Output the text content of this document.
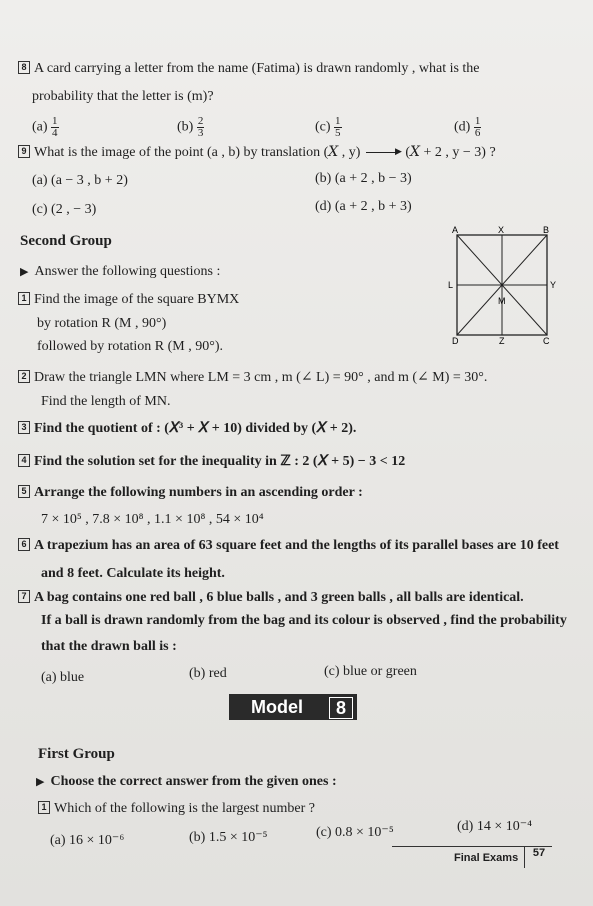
8 A card carrying a letter from the name (Fatima) is drawn randomly , what is the
probability that the letter is (m)?
$(a) \frac{1}{4}$	$(b) \frac{2}{3}$	$(c) \frac{1}{5}$	$(d) \frac{1}{6}$
9 What is the image of the point (a , b) by translation (𝑋 , y)	▶ (𝑋 + 2 , y − 3) ?
(a) (a − 3 , b + 2)	(b) (a + 2 , b − 3)
(c) (2 , − 3)	(d) (a + 2 , b + 3)
Second Group
▶ Answer the following questions :
1 Find the image of the square BYMX
by rotation R (M , 90°)
followed by rotation R (M , 90°).
A	X	B
L	Y
M
D	Z	C
2 Draw the triangle LMN where LM = 3 cm , m (∠ L) = 90° , and m (∠ M) = 30°.
Find the length of MN.
3 Find the quotient of : (𝑋³ + 𝑋 + 10) divided by (𝑋 + 2).
4 Find the solution set for the inequality in ℤ : 2 (𝑋 + 5) − 3 < 12
5 Arrange the following numbers in an ascending order :
7 × 10⁵ , 7.8 × 10⁸ , 1.1 × 10⁸ , 54 × 10⁴
6 A trapezium has an area of 63 square feet and the lengths of its parallel bases are 10 feet
and 8 feet. Calculate its height.
7 A bag contains one red ball , 6 blue balls , and 3 green balls , all balls are identical.
If a ball is drawn randomly from the bag and its colour is observed , find the probability
that the drawn ball is :
(a) blue	(b) red	(c) blue or green
Model	8
First Group
▶ Choose the correct answer from the given ones :
1 Which of the following is the largest number ?
(a) 16 × 10⁻⁶	(b) 1.5 × 10⁻⁵	(c) 0.8 × 10⁻⁵	(d) 14 × 10⁻⁴
Final Exams	57
